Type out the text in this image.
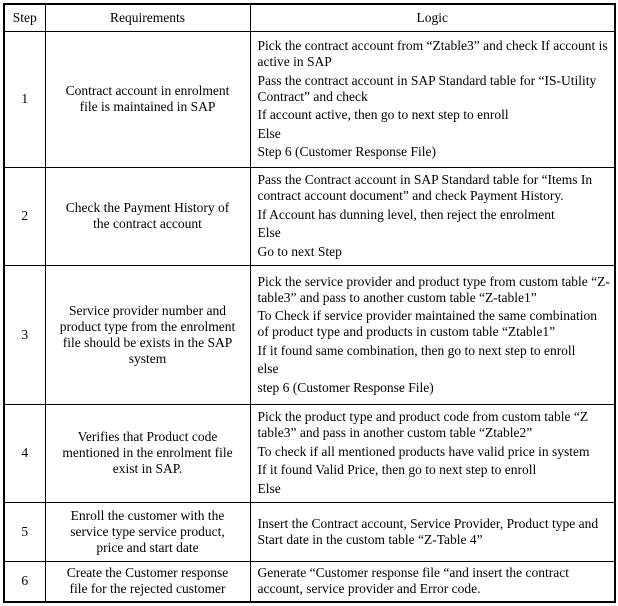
Step	Requirements	Logic
1	Contract account in enrolment file is maintained in SAP	Pick the contract account from “Ztable3” and check If account is active in SAP

Pass the contract account in SAP Standard table for “IS-Utility Contract” and check

If account active, then go to next step to enroll

Else

Step 6 (Customer Response File)

2	Check the Payment History of the contract account	Pass the Contract account in SAP Standard table for “Items In contract account document” and check Payment History.

If Account has dunning level, then reject the enrolment

Else

Go to next Step

3	Service provider number and product type from the enrolment file should be exists in the SAP system	Pick the service provider and product type from custom table “Z-table3” and pass to another custom table “Z-table1”

To Check if service provider maintained the same combination of product type and products in custom table “Ztable1”

If it found same combination, then go to next step to enroll

else

step 6 (Customer Response File)

4	Verifies that Product code mentioned in the enrolment file exist in SAP.	Pick the product type and product code from custom table “Z table3” and pass in another custom table “Ztable2”

To check if all mentioned products have valid price in system

If it found Valid Price, then go to next step to enroll

Else

5	Enroll the customer with the service type service product, price and start date	Insert the Contract account, Service Provider, Product type and Start date in the custom table “Z-Table 4”

6	Create the Customer response file for the rejected customer	Generate “Customer response file “and insert the contract account, service provider and Error code.
